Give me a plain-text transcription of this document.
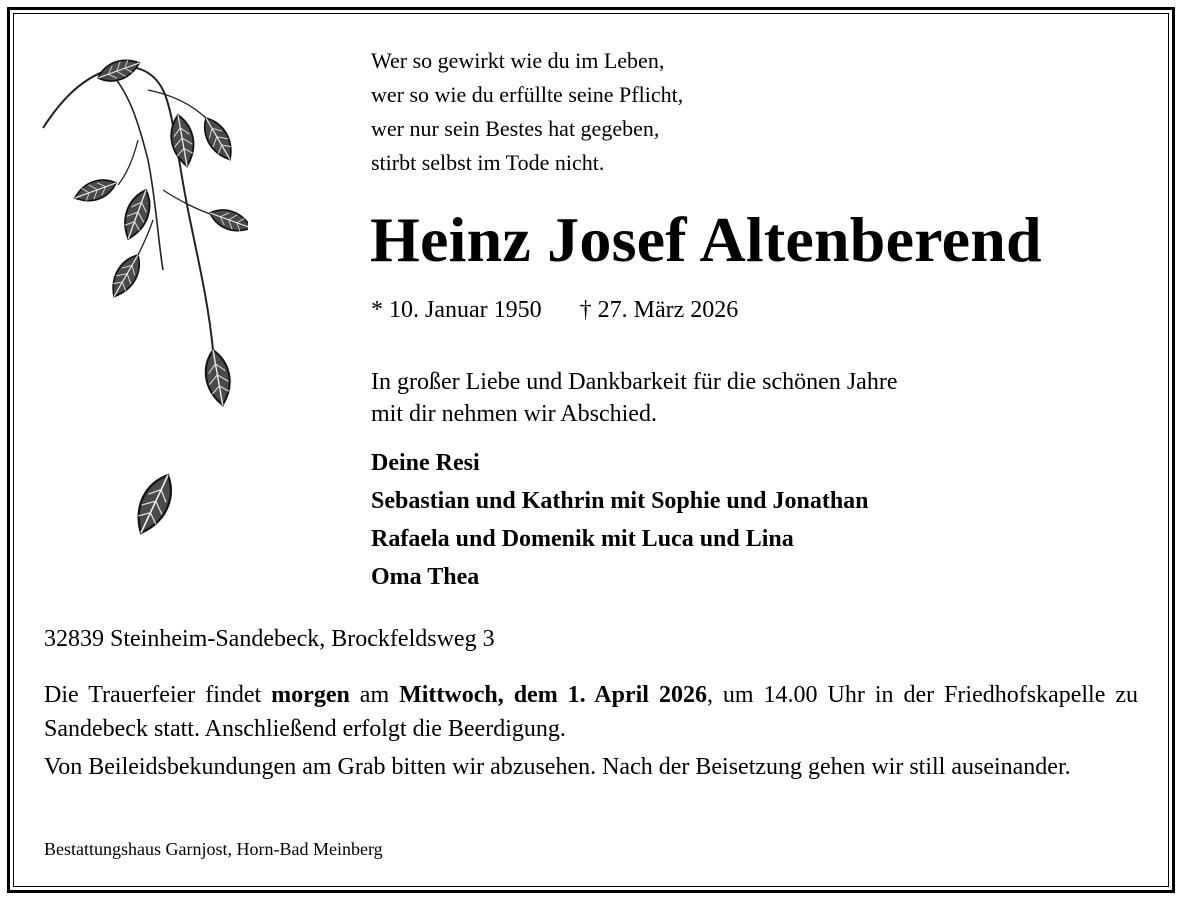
Wer so gewirkt wie du im Leben,
wer so wie du erfüllte seine Pflicht,
wer nur sein Bestes hat gegeben,
stirbt selbst im Tode nicht.
Heinz Josef Altenberend
* 10. Januar 1950 † 27. März 2026
In großer Liebe und Dankbarkeit für die schönen Jahre
mit dir nehmen wir Abschied.
Deine Resi
Sebastian und Kathrin mit Sophie und Jonathan
Rafaela und Domenik mit Luca und Lina
Oma Thea
32839 Steinheim-Sandebeck, Brockfeldsweg 3

Die Trauerfeier findet morgen am Mittwoch, dem 1. April 2026, um 14.00 Uhr in der Friedhofskapelle zu Sandebeck statt. Anschließend erfolgt die Beerdigung.

Von Beileidsbekundungen am Grab bitten wir abzusehen. Nach der Beisetzung gehen wir still auseinander.

Bestattungshaus Garnjost, Horn-Bad Meinberg
